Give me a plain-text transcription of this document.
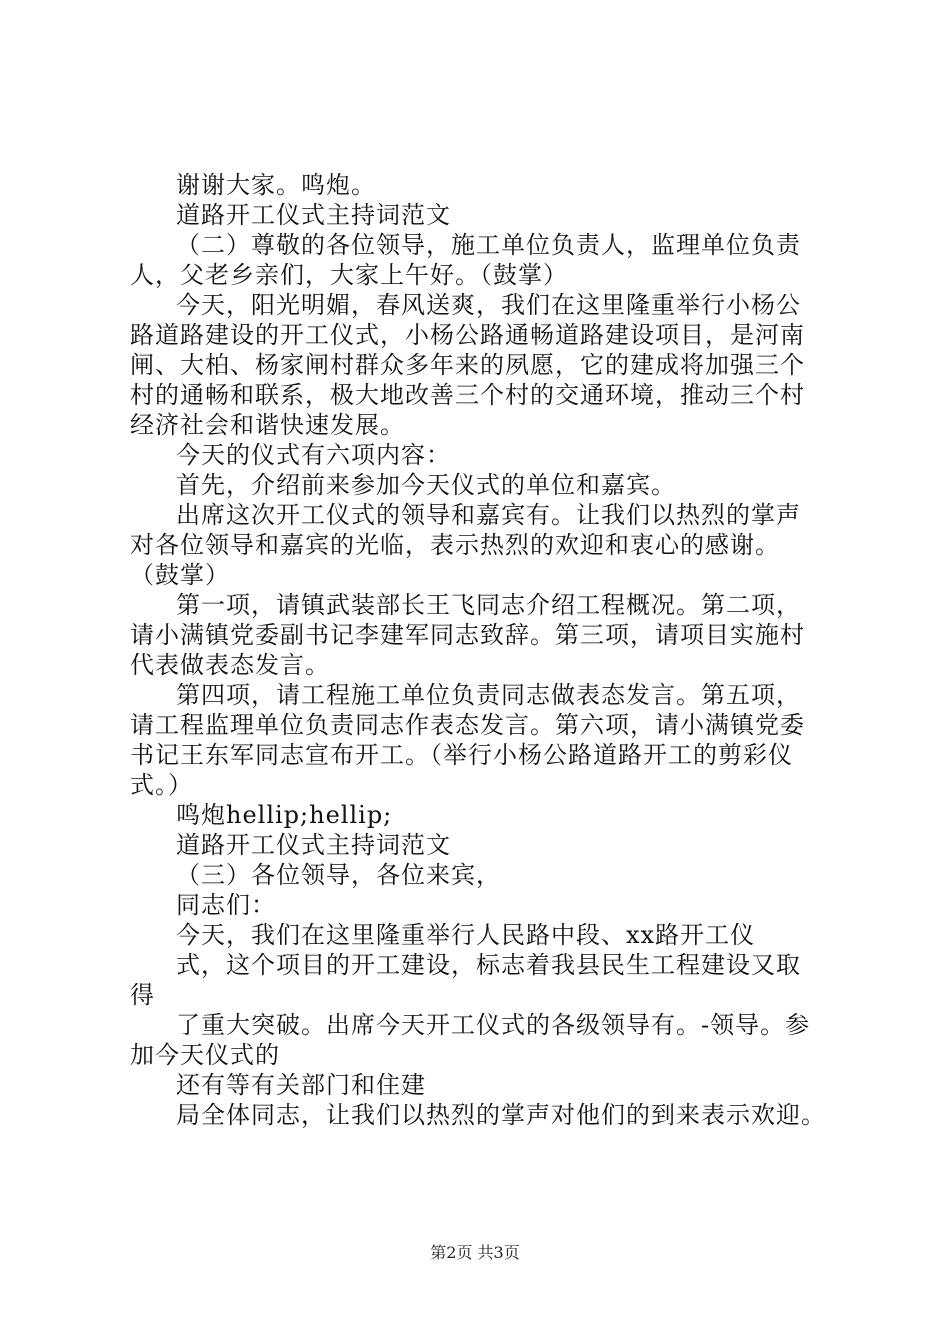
谢谢大家。鸣炮。
道路开工仪式主持词范文
（二）尊敬的各位领导，施工单位负责人，监理单位负责
人，父老乡亲们，大家上午好。（鼓掌）
今天，阳光明媚，春风送爽，我们在这里隆重举行小杨公
路道路建设的开工仪式，小杨公路通畅道路建设项目，是河南
闸、大柏、杨家闸村群众多年来的夙愿，它的建成将加强三个
村的通畅和联系，极大地改善三个村的交通环境，推动三个村
经济社会和谐快速发展。
今天的仪式有六项内容：
首先，介绍前来参加今天仪式的单位和嘉宾。
出席这次开工仪式的领导和嘉宾有。让我们以热烈的掌声
对各位领导和嘉宾的光临，表示热烈的欢迎和衷心的感谢。
（鼓掌）
第一项，请镇武装部长王飞同志介绍工程概况。第二项，
请小满镇党委副书记李建军同志致辞。第三项，请项目实施村
代表做表态发言。
第四项，请工程施工单位负责同志做表态发言。第五项，
请工程监理单位负责同志作表态发言。第六项，请小满镇党委
书记王东军同志宣布开工。（举行小杨公路道路开工的剪彩仪
式。）
鸣炮hellip;hellip;
道路开工仪式主持词范文
（三）各位领导，各位来宾，
同志们：
今天，我们在这里隆重举行人民路中段、xx路开工仪
式，这个项目的开工建设，标志着我县民生工程建设又取
得
了重大突破。出席今天开工仪式的各级领导有。-领导。参
加今天仪式的
还有等有关部门和住建
局全体同志，让我们以热烈的掌声对他们的到来表示欢迎。
第2页 共3页
